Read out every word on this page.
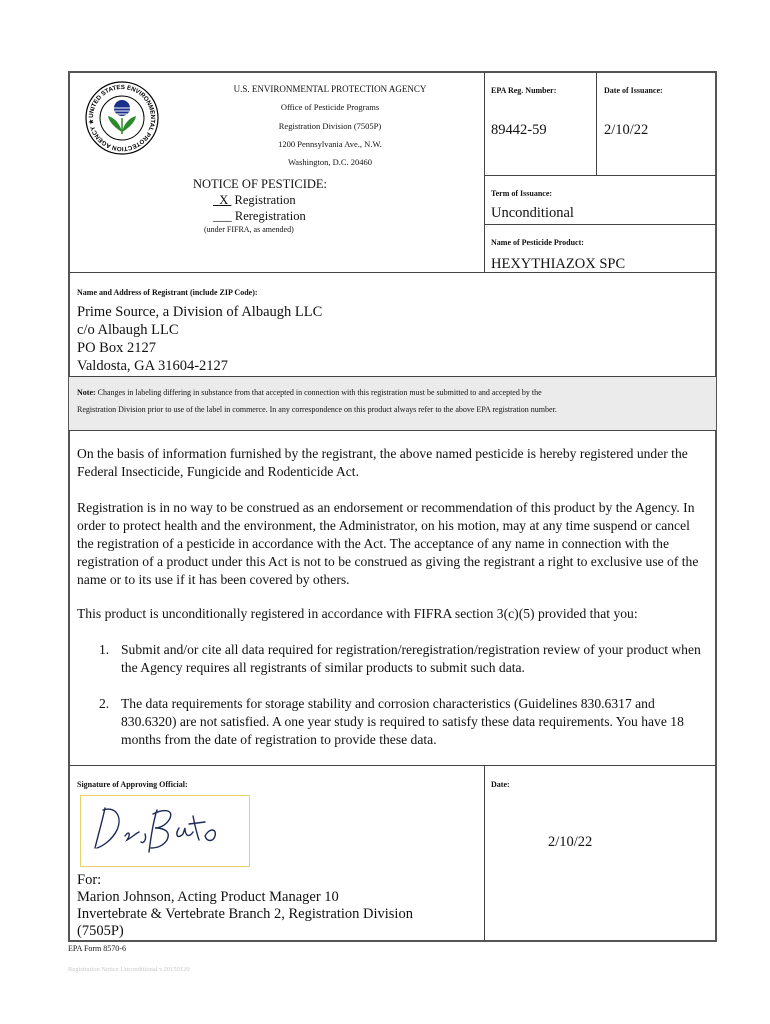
UNITED STATES ENVIRONMENTAL PROTECTION AGENCY ★
U.S. ENVIRONMENTAL PROTECTION AGENCY
Office of Pesticide Programs
Registration Division (7505P)
1200 Pennsylvania Ave., N.W.
Washington, D.C. 20460
NOTICE OF PESTICIDE:
X  Registration
___ Reregistration
(under FIFRA, as amended)
EPA Reg. Number:
89442-59
Date of Issuance:
2/10/22
Term of Issuance:
Unconditional
Name of Pesticide Product:
HEXYTHIAZOX SPC
Name and Address of Registrant (include ZIP Code):
Prime Source, a Division of Albaugh LLC
c/o Albaugh LLC
PO Box 2127
Valdosta, GA 31604-2127
Note: Changes in labeling differing in substance from that accepted in connection with this registration must be submitted to and accepted by the
Registration Division prior to use of the label in commerce. In any correspondence on this product always refer to the above EPA registration number.
On the basis of information furnished by the registrant, the above named pesticide is hereby registered under the Federal Insecticide, Fungicide and Rodenticide Act.
Registration is in no way to be construed as an endorsement or recommendation of this product by the Agency. In order to protect health and the environment, the Administrator, on his motion, may at any time suspend or cancel the registration of a pesticide in accordance with the Act. The acceptance of any name in connection with the registration of a product under this Act is not to be construed as giving the registrant a right to exclusive use of the name or to its use if it has been covered by others.
This product is unconditionally registered in accordance with FIFRA section 3(c)(5) provided that you:
1. Submit and/or cite all data required for registration/reregistration/registration review of your product when the Agency requires all registrants of similar products to submit such data.
2. The data requirements for storage stability and corrosion characteristics (Guidelines 830.6317 and 830.6320) are not satisfied. A one year study is required to satisfy these data requirements. You have 18 months from the date of registration to provide these data.
Signature of Approving Official:
For:
Marion Johnson, Acting Product Manager 10
Invertebrate & Vertebrate Branch 2, Registration Division
(7505P)
Date:
2/10/22
EPA Form 8570-6
Registration Notice Unconditional v.20150120
